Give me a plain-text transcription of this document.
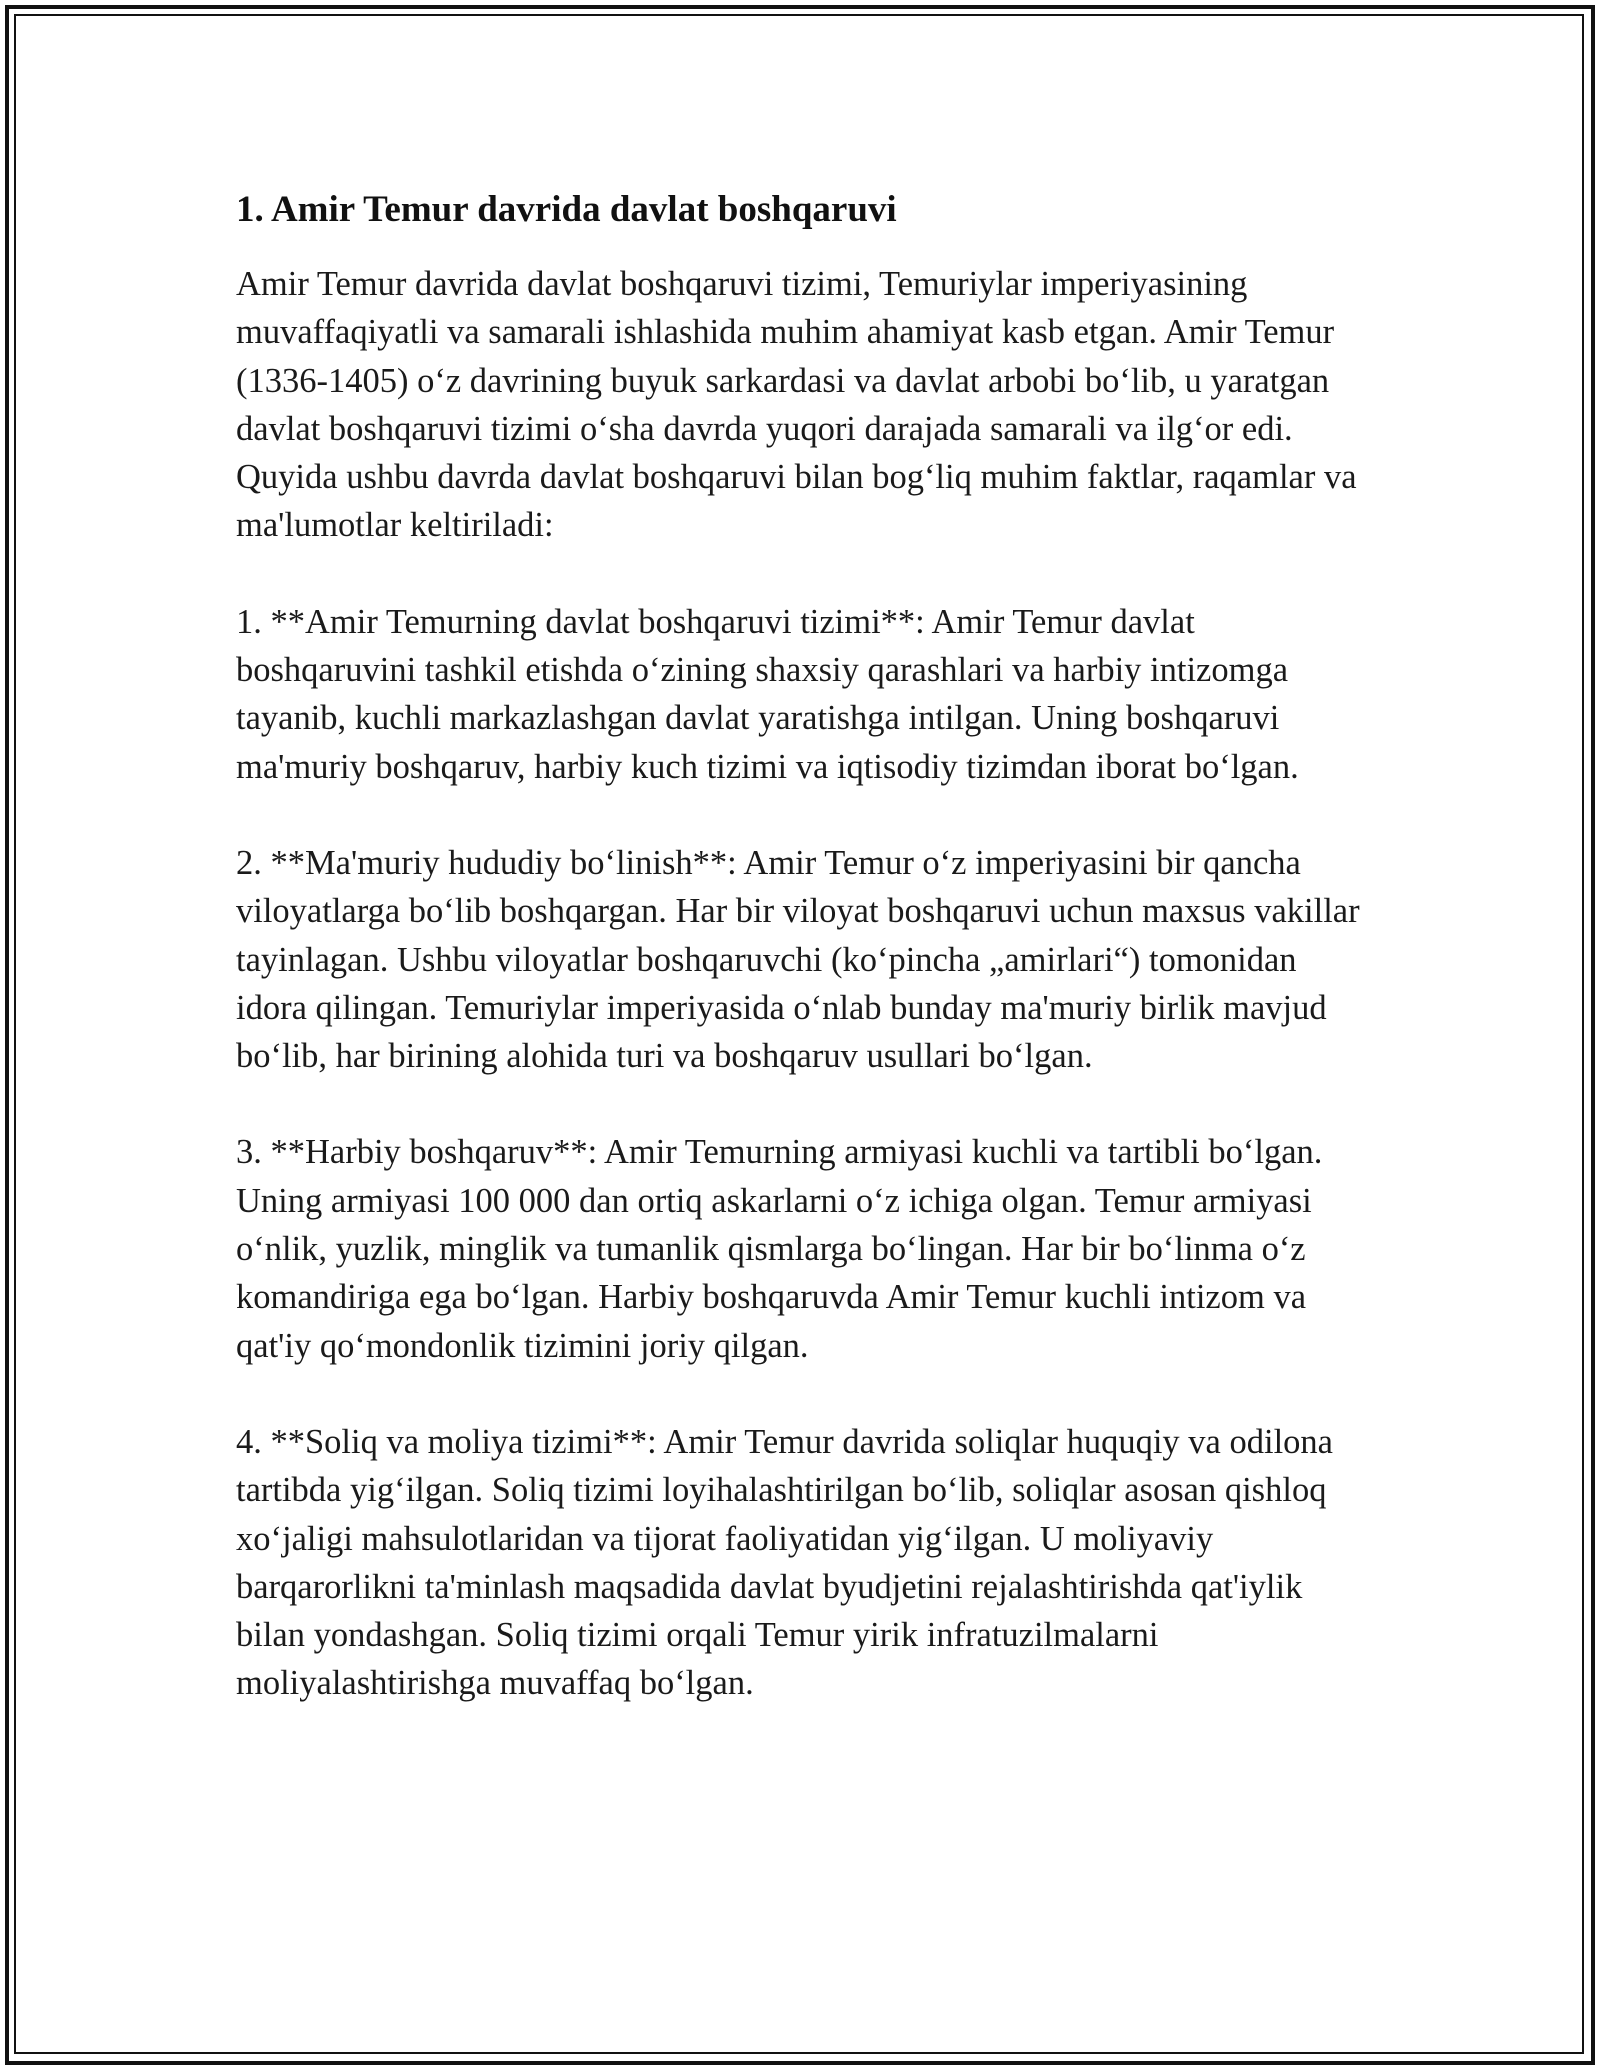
1. Amir Temur davrida davlat boshqaruvi

Amir Temur davrida davlat boshqaruvi tizimi, Temuriylar imperiyasining muvaffaqiyatli va samarali ishlashida muhim ahamiyat kasb etgan. Amir Temur (1336-1405) o‘z davrining buyuk sarkardasi va davlat arbobi bo‘lib, u yaratgan davlat boshqaruvi tizimi o‘sha davrda yuqori darajada samarali va ilg‘or edi. Quyida ushbu davrda davlat boshqaruvi bilan bog‘liq muhim faktlar, raqamlar va ma'lumotlar keltiriladi:

1. **Amir Temurning davlat boshqaruvi tizimi**: Amir Temur davlat boshqaruvini tashkil etishda o‘zining shaxsiy qarashlari va harbiy intizomga tayanib, kuchli markazlashgan davlat yaratishga intilgan. Uning boshqaruvi ma'muriy boshqaruv, harbiy kuch tizimi va iqtisodiy tizimdan iborat bo‘lgan.

2. **Ma'muriy hududiy bo‘linish**: Amir Temur o‘z imperiyasini bir qancha viloyatlarga bo‘lib boshqargan. Har bir viloyat boshqaruvi uchun maxsus vakillar tayinlagan. Ushbu viloyatlar boshqaruvchi (ko‘pincha „amirlari“) tomonidan idora qilingan. Temuriylar imperiyasida o‘nlab bunday ma'muriy birlik mavjud bo‘lib, har birining alohida turi va boshqaruv usullari bo‘lgan.

3. **Harbiy boshqaruv**: Amir Temurning armiyasi kuchli va tartibli bo‘lgan. Uning armiyasi 100 000 dan ortiq askarlarni o‘z ichiga olgan. Temur armiyasi o‘nlik, yuzlik, minglik va tumanlik qismlarga bo‘lingan. Har bir bo‘linma o‘z komandiriga ega bo‘lgan. Harbiy boshqaruvda Amir Temur kuchli intizom va qat'iy qo‘mondonlik tizimini joriy qilgan.

4. **Soliq va moliya tizimi**: Amir Temur davrida soliqlar huquqiy va odilona tartibda yig‘ilgan. Soliq tizimi loyihalashtirilgan bo‘lib, soliqlar asosan qishloq xo‘jaligi mahsulotlaridan va tijorat faoliyatidan yig‘ilgan. U moliyaviy barqarorlikni ta'minlash maqsadida davlat byudjetini rejalashtirishda qat'iylik bilan yondashgan. Soliq tizimi orqali Temur yirik infratuzilmalarni moliyalashtirishga muvaffaq bo‘lgan.
